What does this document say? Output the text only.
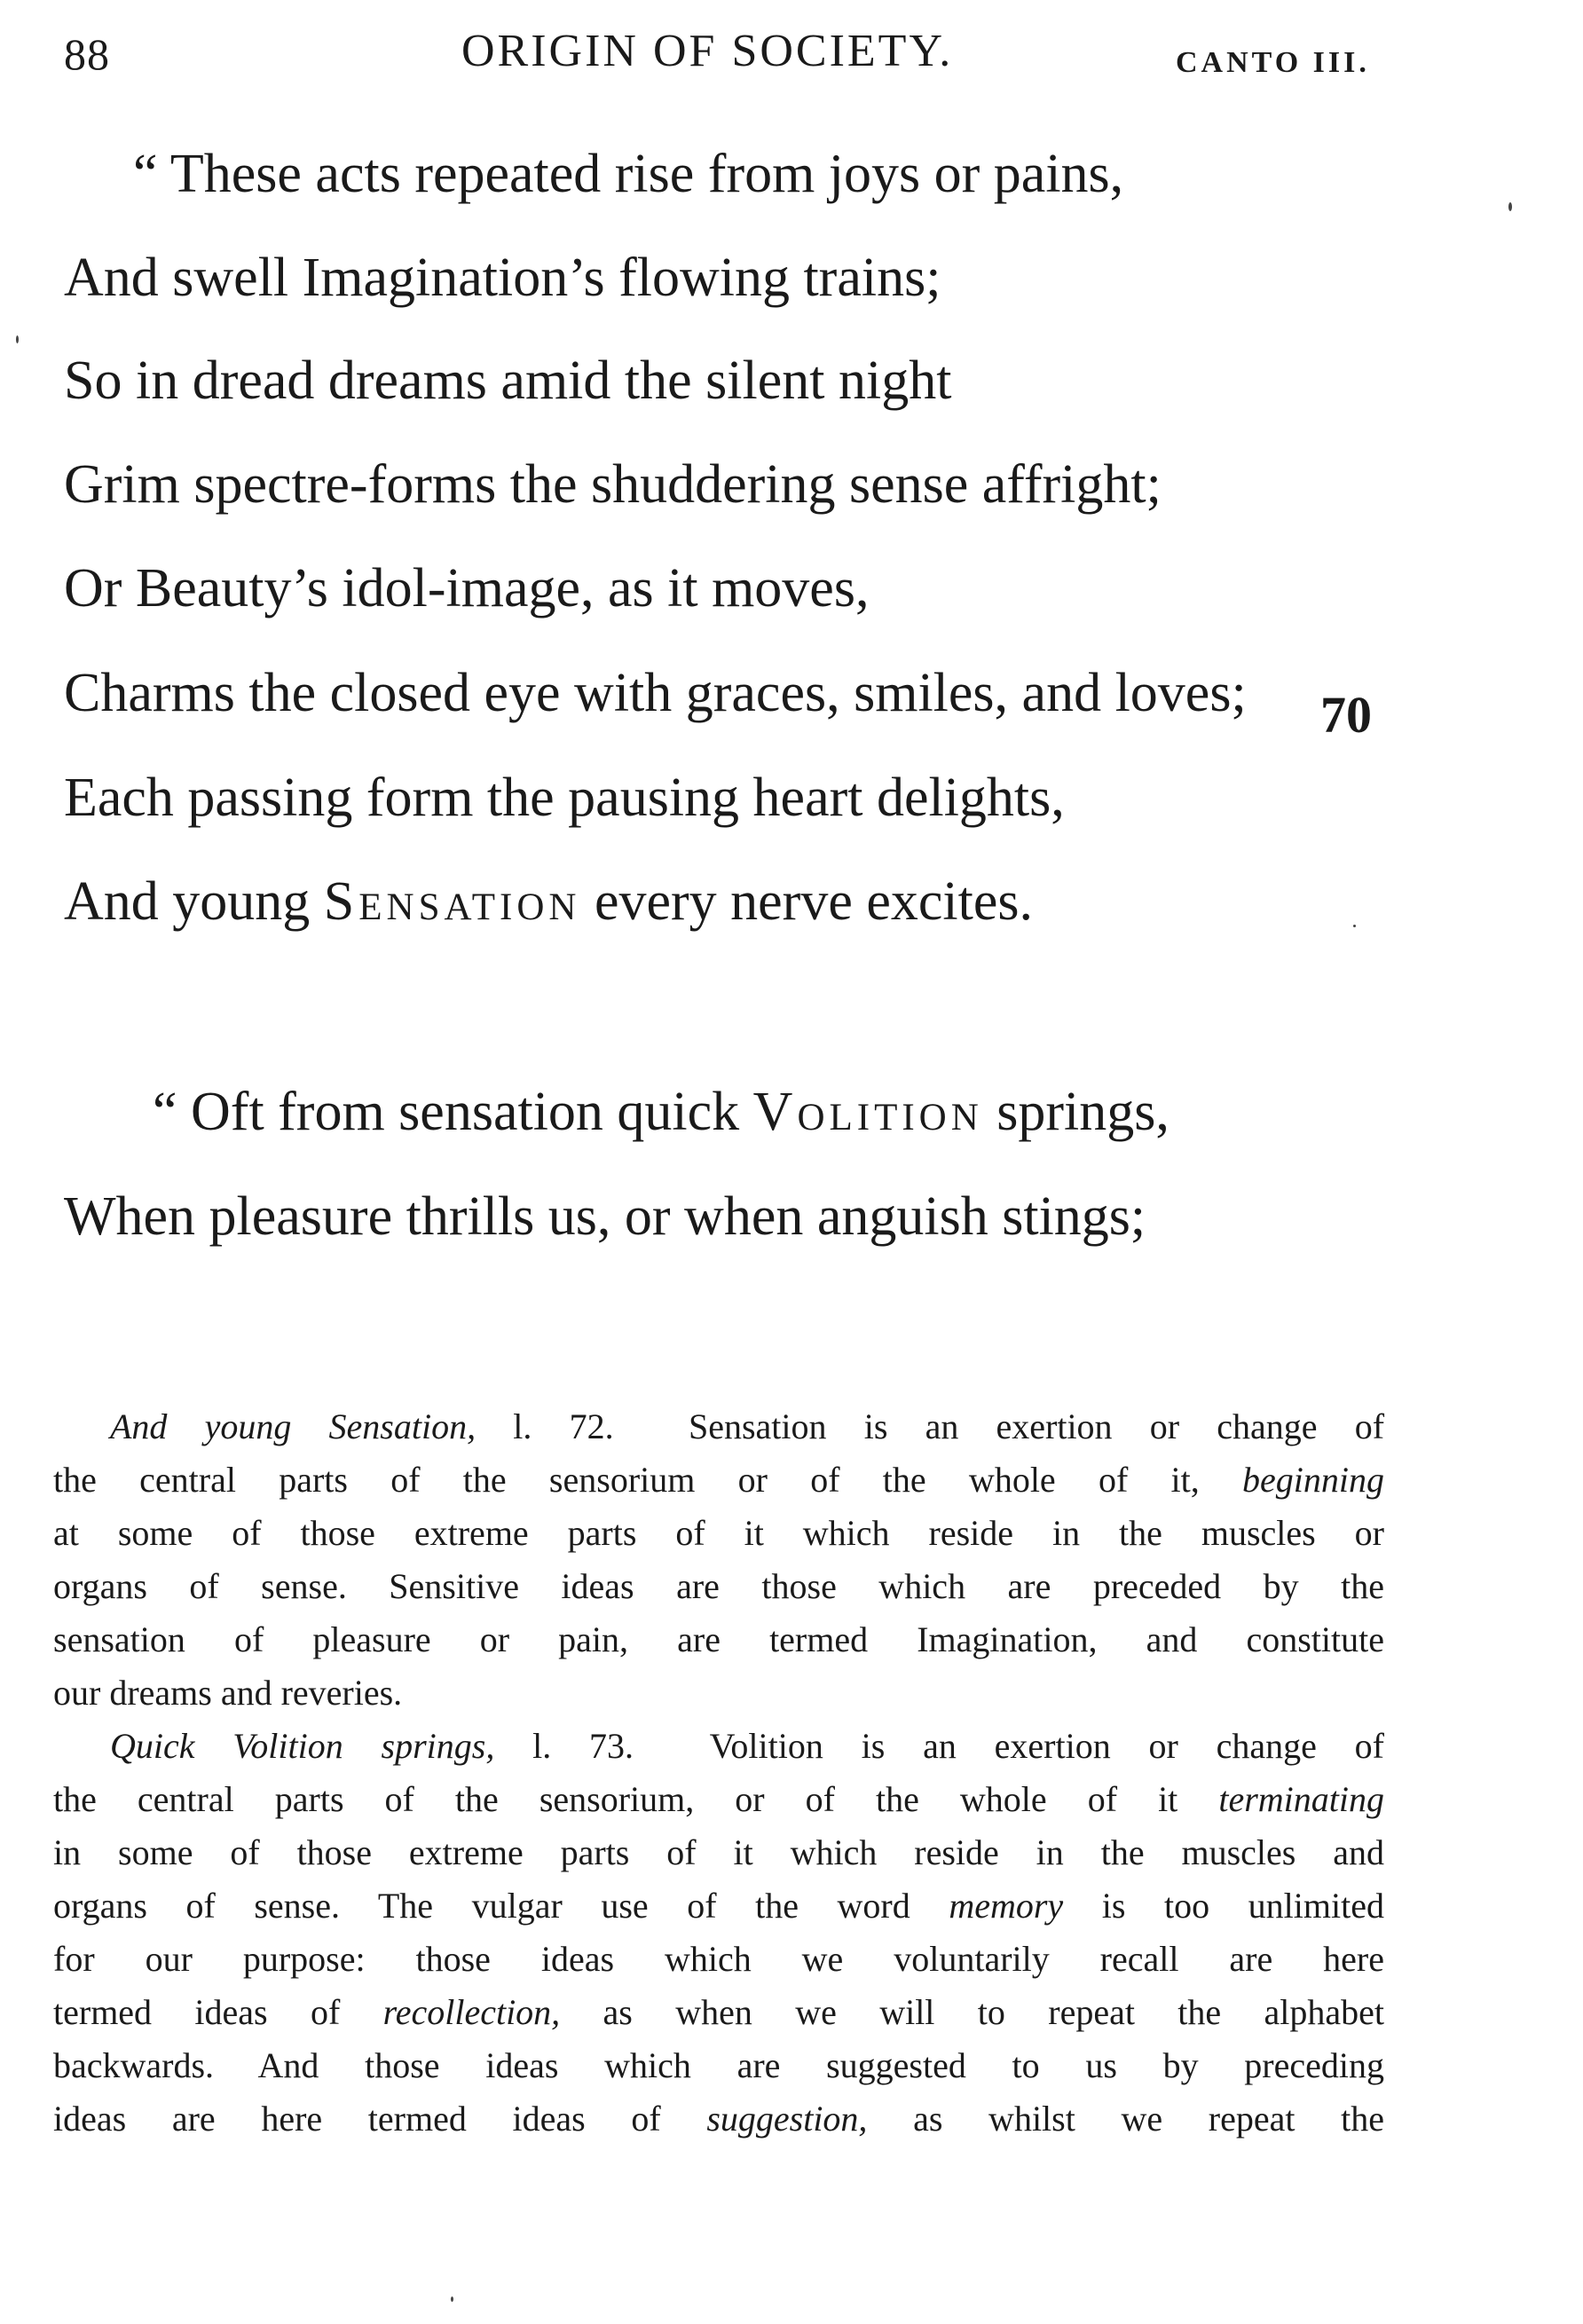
88	ORIGIN OF SOCIETY.	CANTO III.
“ These acts repeated rise from joys or pains,
And swell Imagination’s flowing trains;
So in dread dreams amid the silent night
Grim spectre-forms the shuddering sense affright;
Or Beauty’s idol-image, as it moves,
Charms the closed eye with graces, smiles, and loves; 70
Each passing form the pausing heart delights,
And young Sensation every nerve excites.
“ Oft from sensation quick Volition springs,
When pleasure thrills us, or when anguish stings;

And young Sensation, l. 72. Sensation is an exertion or change of

the central parts of the sensorium or of the whole of it, beginning

at some of those extreme parts of it which reside in the muscles or

organs of sense. Sensitive ideas are those which are preceded by the

sensation of pleasure or pain, are termed Imagination, and constitute

our dreams and reveries.

Quick Volition springs, l. 73. Volition is an exertion or change of

the central parts of the sensorium, or of the whole of it terminating

in some of those extreme parts of it which reside in the muscles and

organs of sense. The vulgar use of the word memory is too unlimited

for our purpose: those ideas which we voluntarily recall are here

termed ideas of recollection, as when we will to repeat the alphabet

backwards. And those ideas which are suggested to us by preceding

ideas are here termed ideas of suggestion, as whilst we repeat the
